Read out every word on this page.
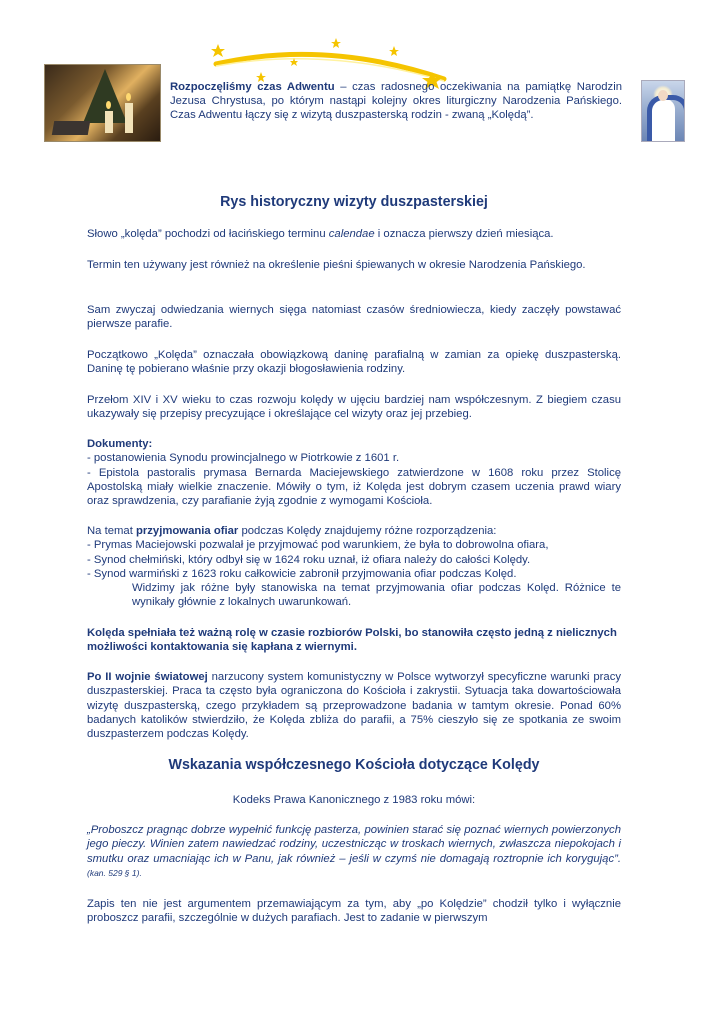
Rozpoczęliśmy czas Adwentu – czas radosnego oczekiwania na pamiątkę Narodzin Jezusa Chrystusa, po którym nastąpi kolejny okres liturgiczny Narodzenia Pańskiego. Czas Adwentu łączy się z wizytą duszpasterską rodzin - zwaną „Kolędą”.
Rys historyczny wizyty duszpasterskiej

Słowo „kolęda” pochodzi od łacińskiego terminu calendae i oznacza pierwszy dzień miesiąca.

Termin ten używany jest również na określenie pieśni śpiewanych w okresie Narodzenia Pańskiego.

Sam zwyczaj odwiedzania wiernych sięga natomiast czasów średniowiecza, kiedy zaczęły powstawać pierwsze parafie.

Początkowo „Kolęda” oznaczała obowiązkową daninę parafialną w zamian za opiekę duszpasterską. Daninę tę pobierano właśnie przy okazji błogosławienia rodziny.

Przełom XIV i XV wieku to czas rozwoju kolędy w ujęciu bardziej nam współczesnym. Z biegiem czasu ukazywały się przepisy precyzujące i określające cel wizyty oraz jej przebieg.

Dokumenty:

- postanowienia Synodu prowincjalnego w Piotrkowie z 1601 r.

- Epistola pastoralis prymasa Bernarda Maciejewskiego zatwierdzone w 1608 roku przez Stolicę Apostolską miały wielkie znaczenie. Mówiły o tym, iż Kolęda jest dobrym czasem uczenia prawd wiary oraz sprawdzenia, czy parafianie żyją zgodnie z wymogami Kościoła.

Na temat przyjmowania ofiar podczas Kolędy znajdujemy różne rozporządzenia:

- Prymas Maciejowski pozwalał je przyjmować pod warunkiem, że była to dobrowolna ofiara,

- Synod chełmiński, który odbył się w 1624 roku uznał, iż ofiara należy do całości Kolędy.

- Synod warmiński z 1623 roku całkowicie zabronił przyjmowania ofiar podczas Kolęd.

Widzimy jak różne były stanowiska na temat przyjmowania ofiar podczas Kolęd. Różnice te wynikały głównie z lokalnych uwarunkowań.

Kolęda spełniała też ważną rolę w czasie rozbiorów Polski, bo stanowiła często jedną z nielicznych możliwości kontaktowania się kapłana z wiernymi.

Po II wojnie światowej narzucony system komunistyczny w Polsce wytworzył specyficzne warunki pracy duszpasterskiej. Praca ta często była ograniczona do Kościoła i zakrystii. Sytuacja taka dowartościowała wizytę duszpasterską, czego przykładem są przeprowadzone badania w tamtym okresie. Ponad 60% badanych katolików stwierdziło, że Kolęda zbliża do parafii, a 75% cieszyło się ze spotkania ze swoim duszpasterzem podczas Kolędy.

Wskazania współczesnego Kościoła dotyczące Kolędy

Kodeks Prawa Kanonicznego z 1983 roku mówi:

„Proboszcz pragnąc dobrze wypełnić funkcję pasterza, powinien starać się poznać wiernych powierzonych jego pieczy. Winien zatem nawiedzać rodziny, uczestnicząc w troskach wiernych, zwłaszcza niepokojach i smutku oraz umacniając ich w Panu, jak również – jeśli w czymś nie domagają roztropnie ich korygując”. (kan. 529 § 1).

Zapis ten nie jest argumentem przemawiającym za tym, aby „po Kolędzie” chodził tylko i wyłącznie proboszcz parafii, szczególnie w dużych parafiach. Jest to zadanie w pierwszym
